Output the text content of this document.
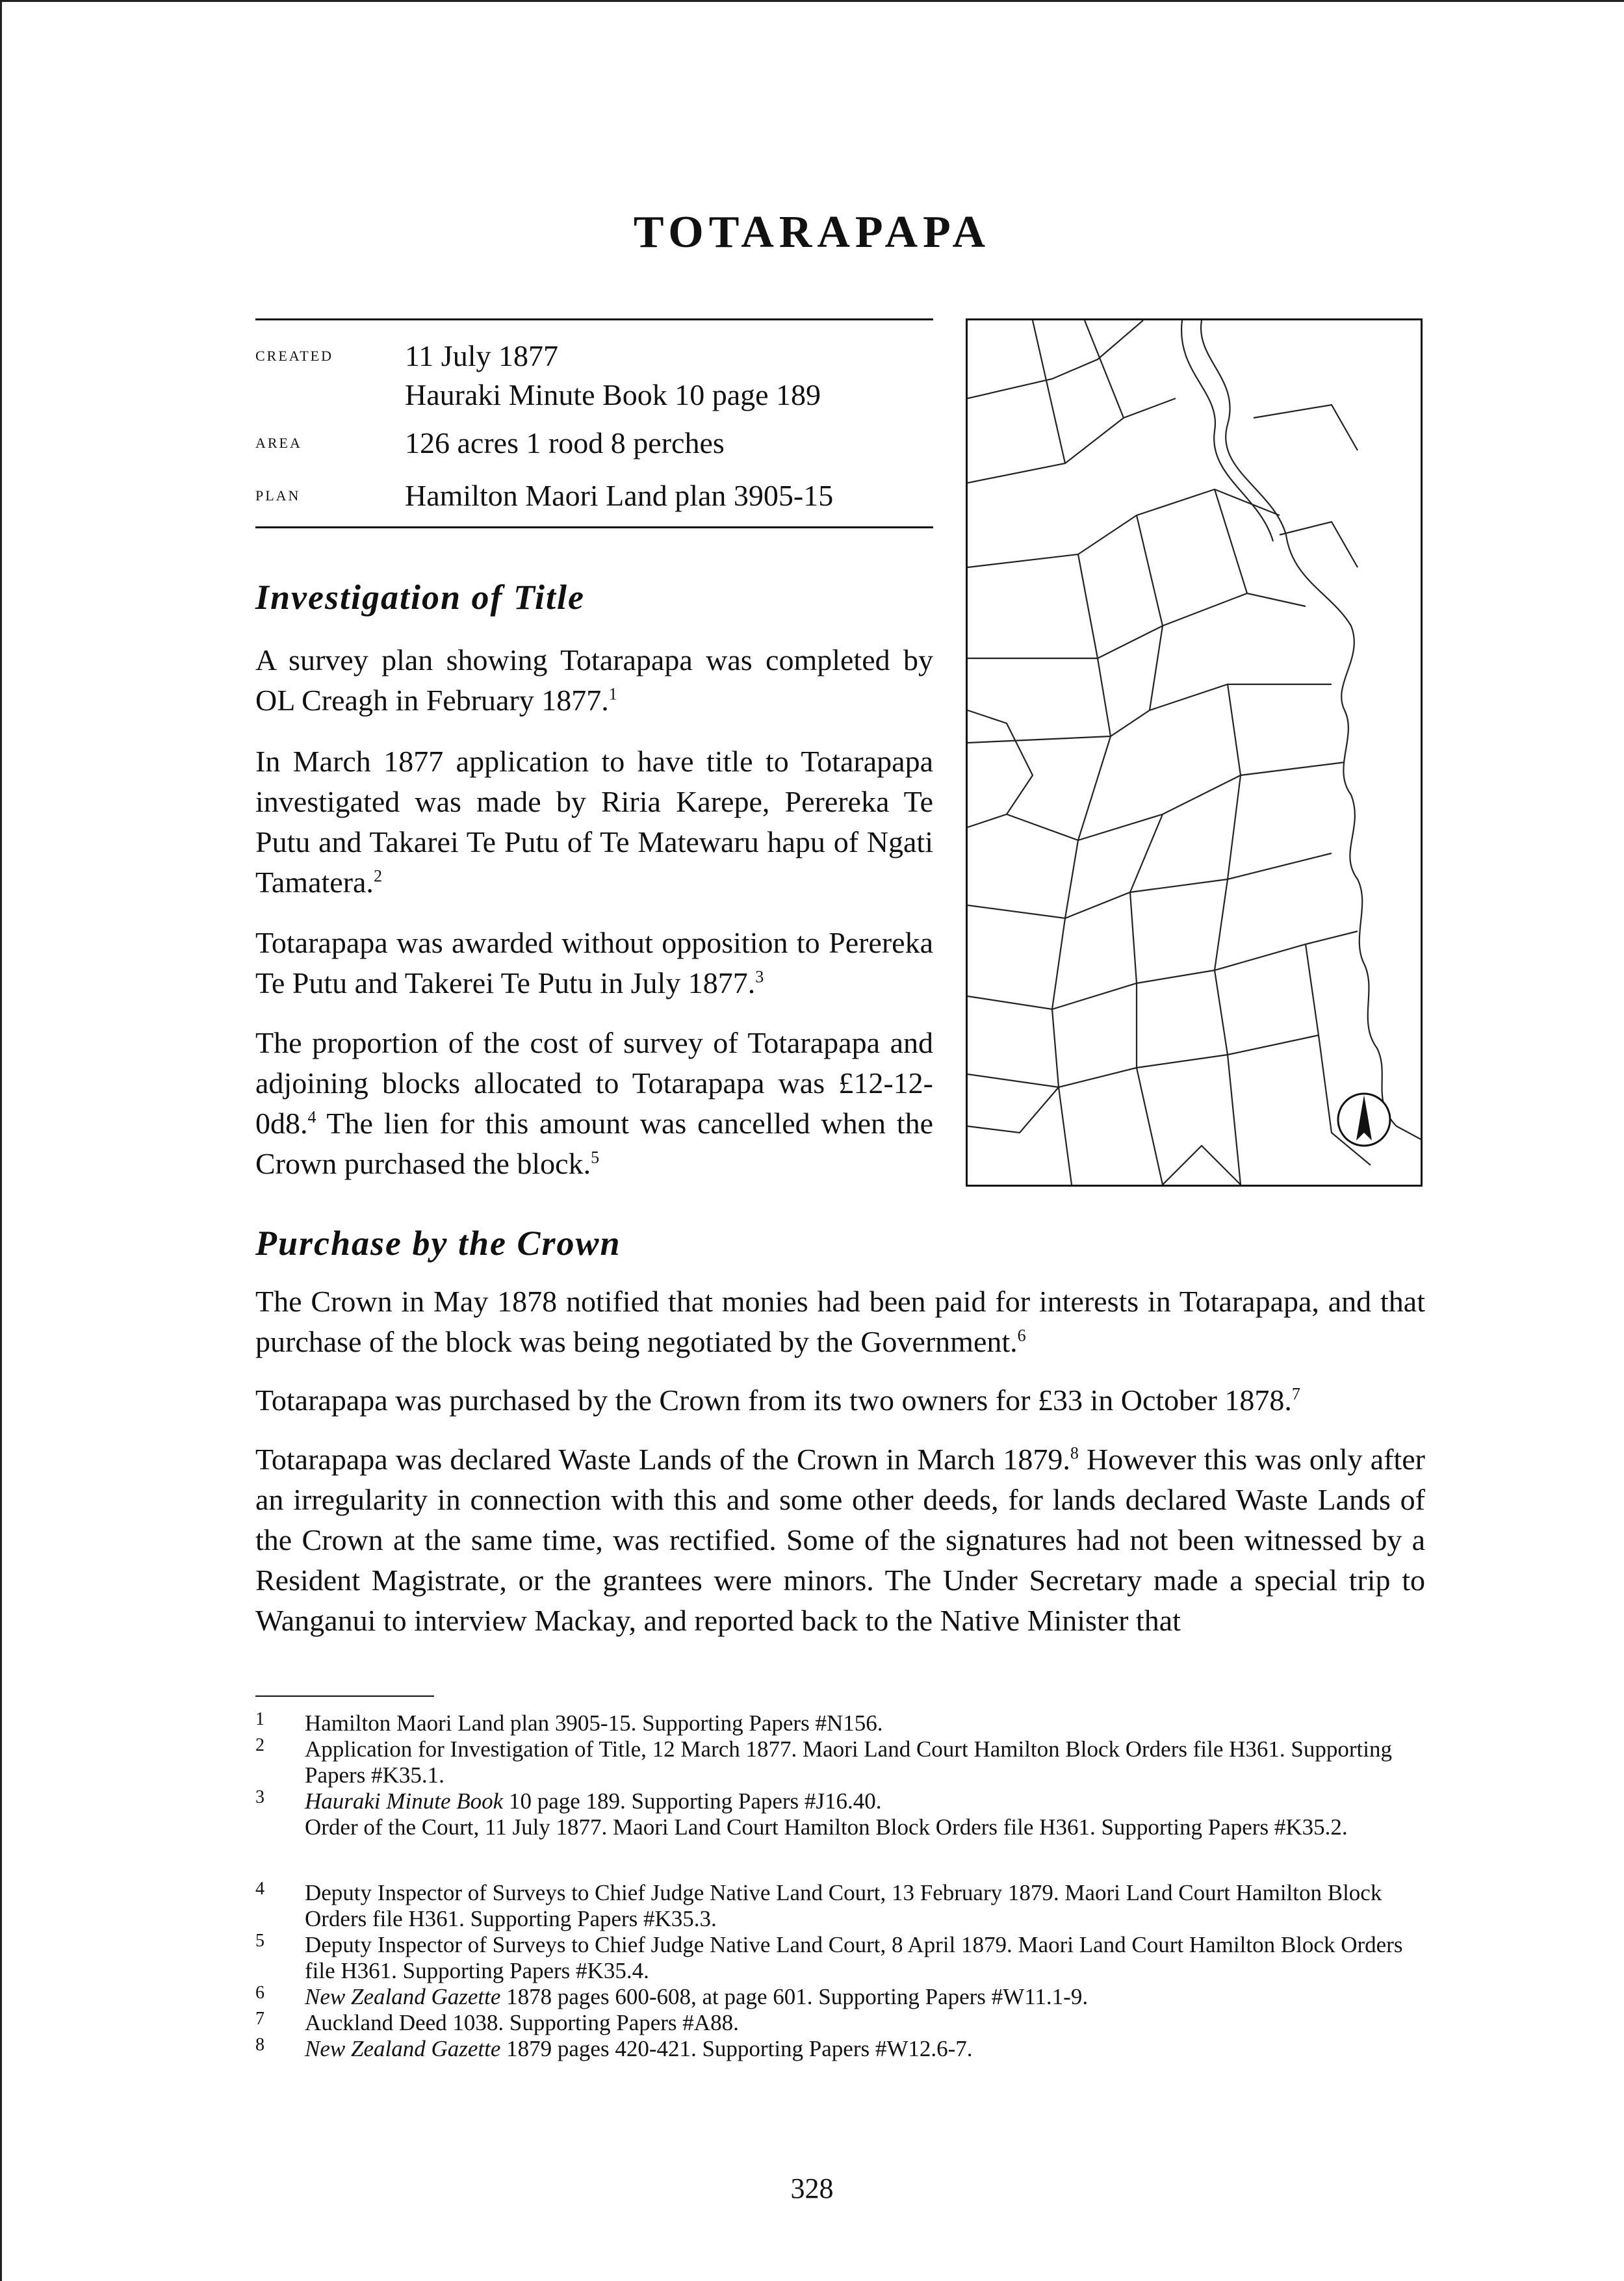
TOTARAPAPA
created 11 July 1877
Hauraki Minute Book 10 page 189
area	126 acres 1 rood 8 perches
plan	Hamilton Maori Land plan 3905-15
Investigation of Title

A survey plan showing Totarapapa was completed by OL Creagh in February 1877.$^1$

In March 1877 application to have title to Totarapapa investigated was made by Riria Karepe, Perereka Te Putu and Takarei Te Putu of Te Matewaru hapu of Ngati Tamatera.$^2$

Totarapapa was awarded without opposition to Perereka Te Putu and Takerei Te Putu in July 1877.$^3$

The proportion of the cost of survey of Totarapapa and adjoining blocks allocated to Totarapapa was £12-12-0d8.$^4$ The lien for this amount was cancelled when the Crown purchased the block.$^5$

Purchase by the Crown

The Crown in May 1878 notified that monies had been paid for interests in Totarapapa, and that purchase of the block was being negotiated by the Government.$^6$

Totarapapa was purchased by the Crown from its two owners for £33 in October 1878.$^7$

Totarapapa was declared Waste Lands of the Crown in March 1879.$^8$ However this was only after an irregularity in connection with this and some other deeds, for lands declared Waste Lands of the Crown at the same time, was rectified. Some of the signatures had not been witnessed by a Resident Magistrate, or the grantees were minors. The Under Secretary made a special trip to Wanganui to interview Mackay, and reported back to the Native Minister that

1 Hamilton Maori Land plan 3905-15. Supporting Papers #N156.
2 Application for Investigation of Title, 12 March 1877. Maori Land Court Hamilton Block Orders file H361. Supporting Papers #K35.1.
3 Hauraki Minute Book 10 page 189. Supporting Papers #J16.40.
Order of the Court, 11 July 1877. Maori Land Court Hamilton Block Orders file H361. Supporting Papers #K35.2.
4 Deputy Inspector of Surveys to Chief Judge Native Land Court, 13 February 1879. Maori Land Court Hamilton Block Orders file H361. Supporting Papers #K35.3.
5 Deputy Inspector of Surveys to Chief Judge Native Land Court, 8 April 1879. Maori Land Court Hamilton Block Orders file H361. Supporting Papers #K35.4.
6 New Zealand Gazette 1878 pages 600-608, at page 601. Supporting Papers #W11.1-9.
7 Auckland Deed 1038. Supporting Papers #A88.
8 New Zealand Gazette 1879 pages 420-421. Supporting Papers #W12.6-7.
328
